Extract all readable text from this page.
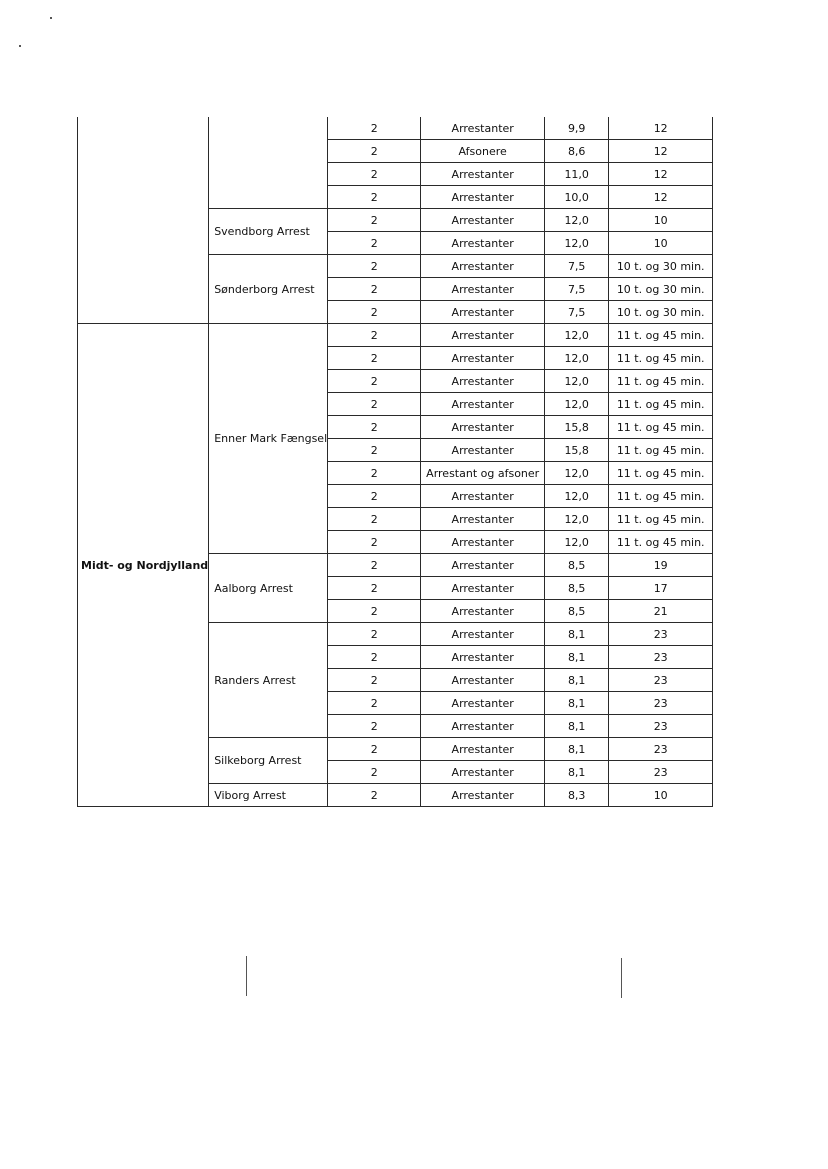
		2	Arrestanter	9,9	12
		2	Afsonere	8,6	12
		2	Arrestanter	11,0	12
		2	Arrestanter	10,0	12
	Svendborg Arrest	2	Arrestanter	12,0	10
		2	Arrestanter	12,0	10
	Sønderborg Arrest	2	Arrestanter	7,5	10 t. og 30 min.
		2	Arrestanter	7,5	10 t. og 30 min.
		2	Arrestanter	7,5	10 t. og 30 min.
Midt- og Nordjylland	Enner Mark Fængsel	2	Arrestanter	12,0	11 t. og 45 min.
		2	Arrestanter	12,0	11 t. og 45 min.
		2	Arrestanter	12,0	11 t. og 45 min.
		2	Arrestanter	12,0	11 t. og 45 min.
		2	Arrestanter	15,8	11 t. og 45 min.
		2	Arrestanter	15,8	11 t. og 45 min.
		2	Arrestant og afsoner	12,0	11 t. og 45 min.
		2	Arrestanter	12,0	11 t. og 45 min.
		2	Arrestanter	12,0	11 t. og 45 min.
		2	Arrestanter	12,0	11 t. og 45 min.
	Aalborg Arrest	2	Arrestanter	8,5	19
		2	Arrestanter	8,5	17
		2	Arrestanter	8,5	21
	Randers Arrest	2	Arrestanter	8,1	23
		2	Arrestanter	8,1	23
		2	Arrestanter	8,1	23
		2	Arrestanter	8,1	23
		2	Arrestanter	8,1	23
	Silkeborg Arrest	2	Arrestanter	8,1	23
		2	Arrestanter	8,1	23
	Viborg Arrest	2	Arrestanter	8,3	10
